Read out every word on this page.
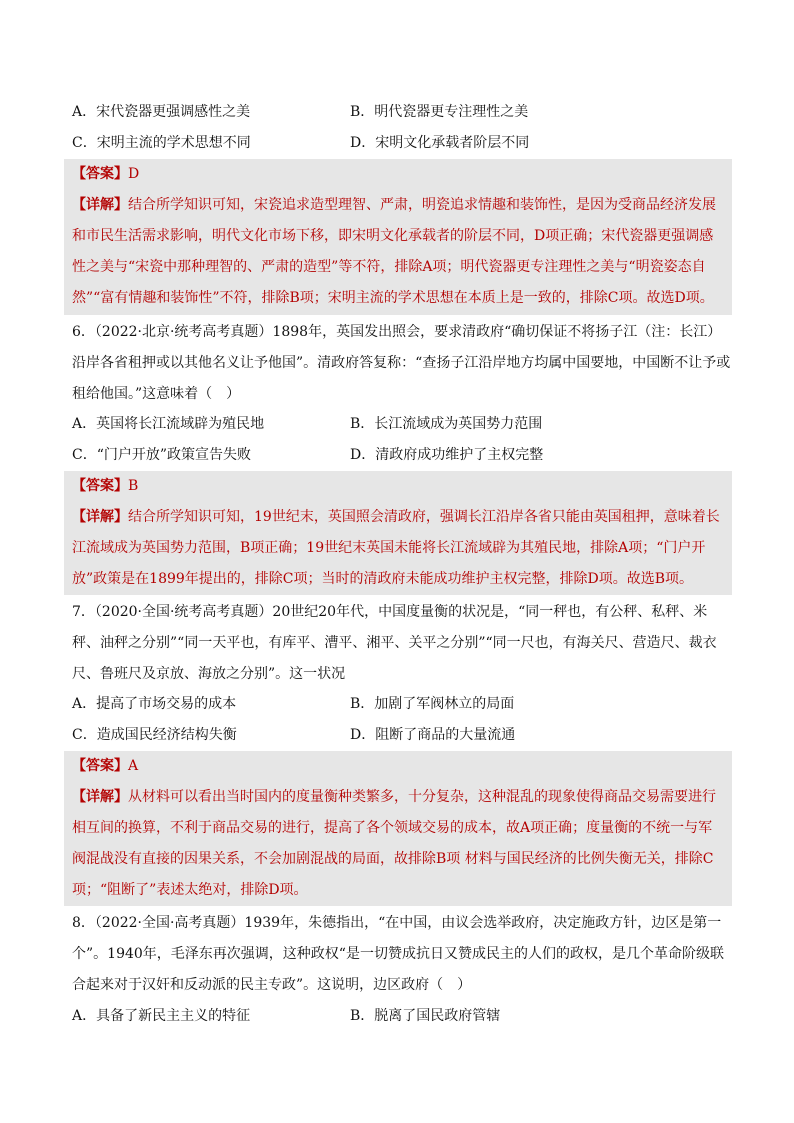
A．宋代瓷器更强调感性之美	B．明代瓷器更专注理性之美
C．宋明主流的学术思想不同	D．宋明文化承载者阶层不同
【答案】D
【详解】结合所学知识可知，宋瓷追求造型理智、严肃，明瓷追求情趣和装饰性，是因为受商品经济发展和市民生活需求影响，明代文化市场下移，即宋明文化承载者的阶层不同，D项正确；宋代瓷器更强调感性之美与“宋瓷中那种理智的、严肃的造型”等不符，排除A项；明代瓷器更专注理性之美与“明瓷姿态自然”“富有情趣和装饰性”不符，排除B项；宋明主流的学术思想在本质上是一致的，排除C项。故选D项。
6．（2022·北京·统考高考真题）1898年，英国发出照会，要求清政府“确切保证不将扬子江（注：长江）沿岸各省租押或以其他名义让予他国”。清政府答复称：“查扬子江沿岸地方均属中国要地，中国断不让予或租给他国。”这意味着（　）
A．英国将长江流域辟为殖民地	B．长江流域成为英国势力范围
C．“门户开放”政策宣告失败	D．清政府成功维护了主权完整
【答案】B
【详解】结合所学知识可知，19世纪末，英国照会清政府，强调长江沿岸各省只能由英国租押，意味着长江流域成为英国势力范围，B项正确；19世纪末英国未能将长江流域辟为其殖民地，排除A项；“门户开放”政策是在1899年提出的，排除C项；当时的清政府未能成功维护主权完整，排除D项。故选B项。
7．（2020·全国·统考高考真题）20世纪20年代，中国度量衡的状况是，“同一秤也，有公秤、私秤、米秤、油秤之分别”“同一天平也，有库平、漕平、湘平、关平之分别”“同一尺也，有海关尺、营造尺、裁衣尺、鲁班尺及京放、海放之分别”。这一状况
A．提高了市场交易的成本	B．加剧了军阀林立的局面
C．造成国民经济结构失衡	D．阻断了商品的大量流通
【答案】A
【详解】从材料可以看出当时国内的度量衡种类繁多，十分复杂，这种混乱的现象使得商品交易需要进行相互间的换算，不利于商品交易的进行，提高了各个领域交易的成本，故A项正确；度量衡的不统一与军阀混战没有直接的因果关系，不会加剧混战的局面，故排除B项 材料与国民经济的比例失衡无关，排除C项；“阻断了”表述太绝对，排除D项。
8．（2022·全国·高考真题）1939年，朱德指出，“在中国，由议会选举政府，决定施政方针，边区是第一个”。1940年，毛泽东再次强调，这种政权“是一切赞成抗日又赞成民主的人们的政权，是几个革命阶级联合起来对于汉奸和反动派的民主专政”。这说明，边区政府（　）
A．具备了新民主主义的特征	B．脱离了国民政府管辖
